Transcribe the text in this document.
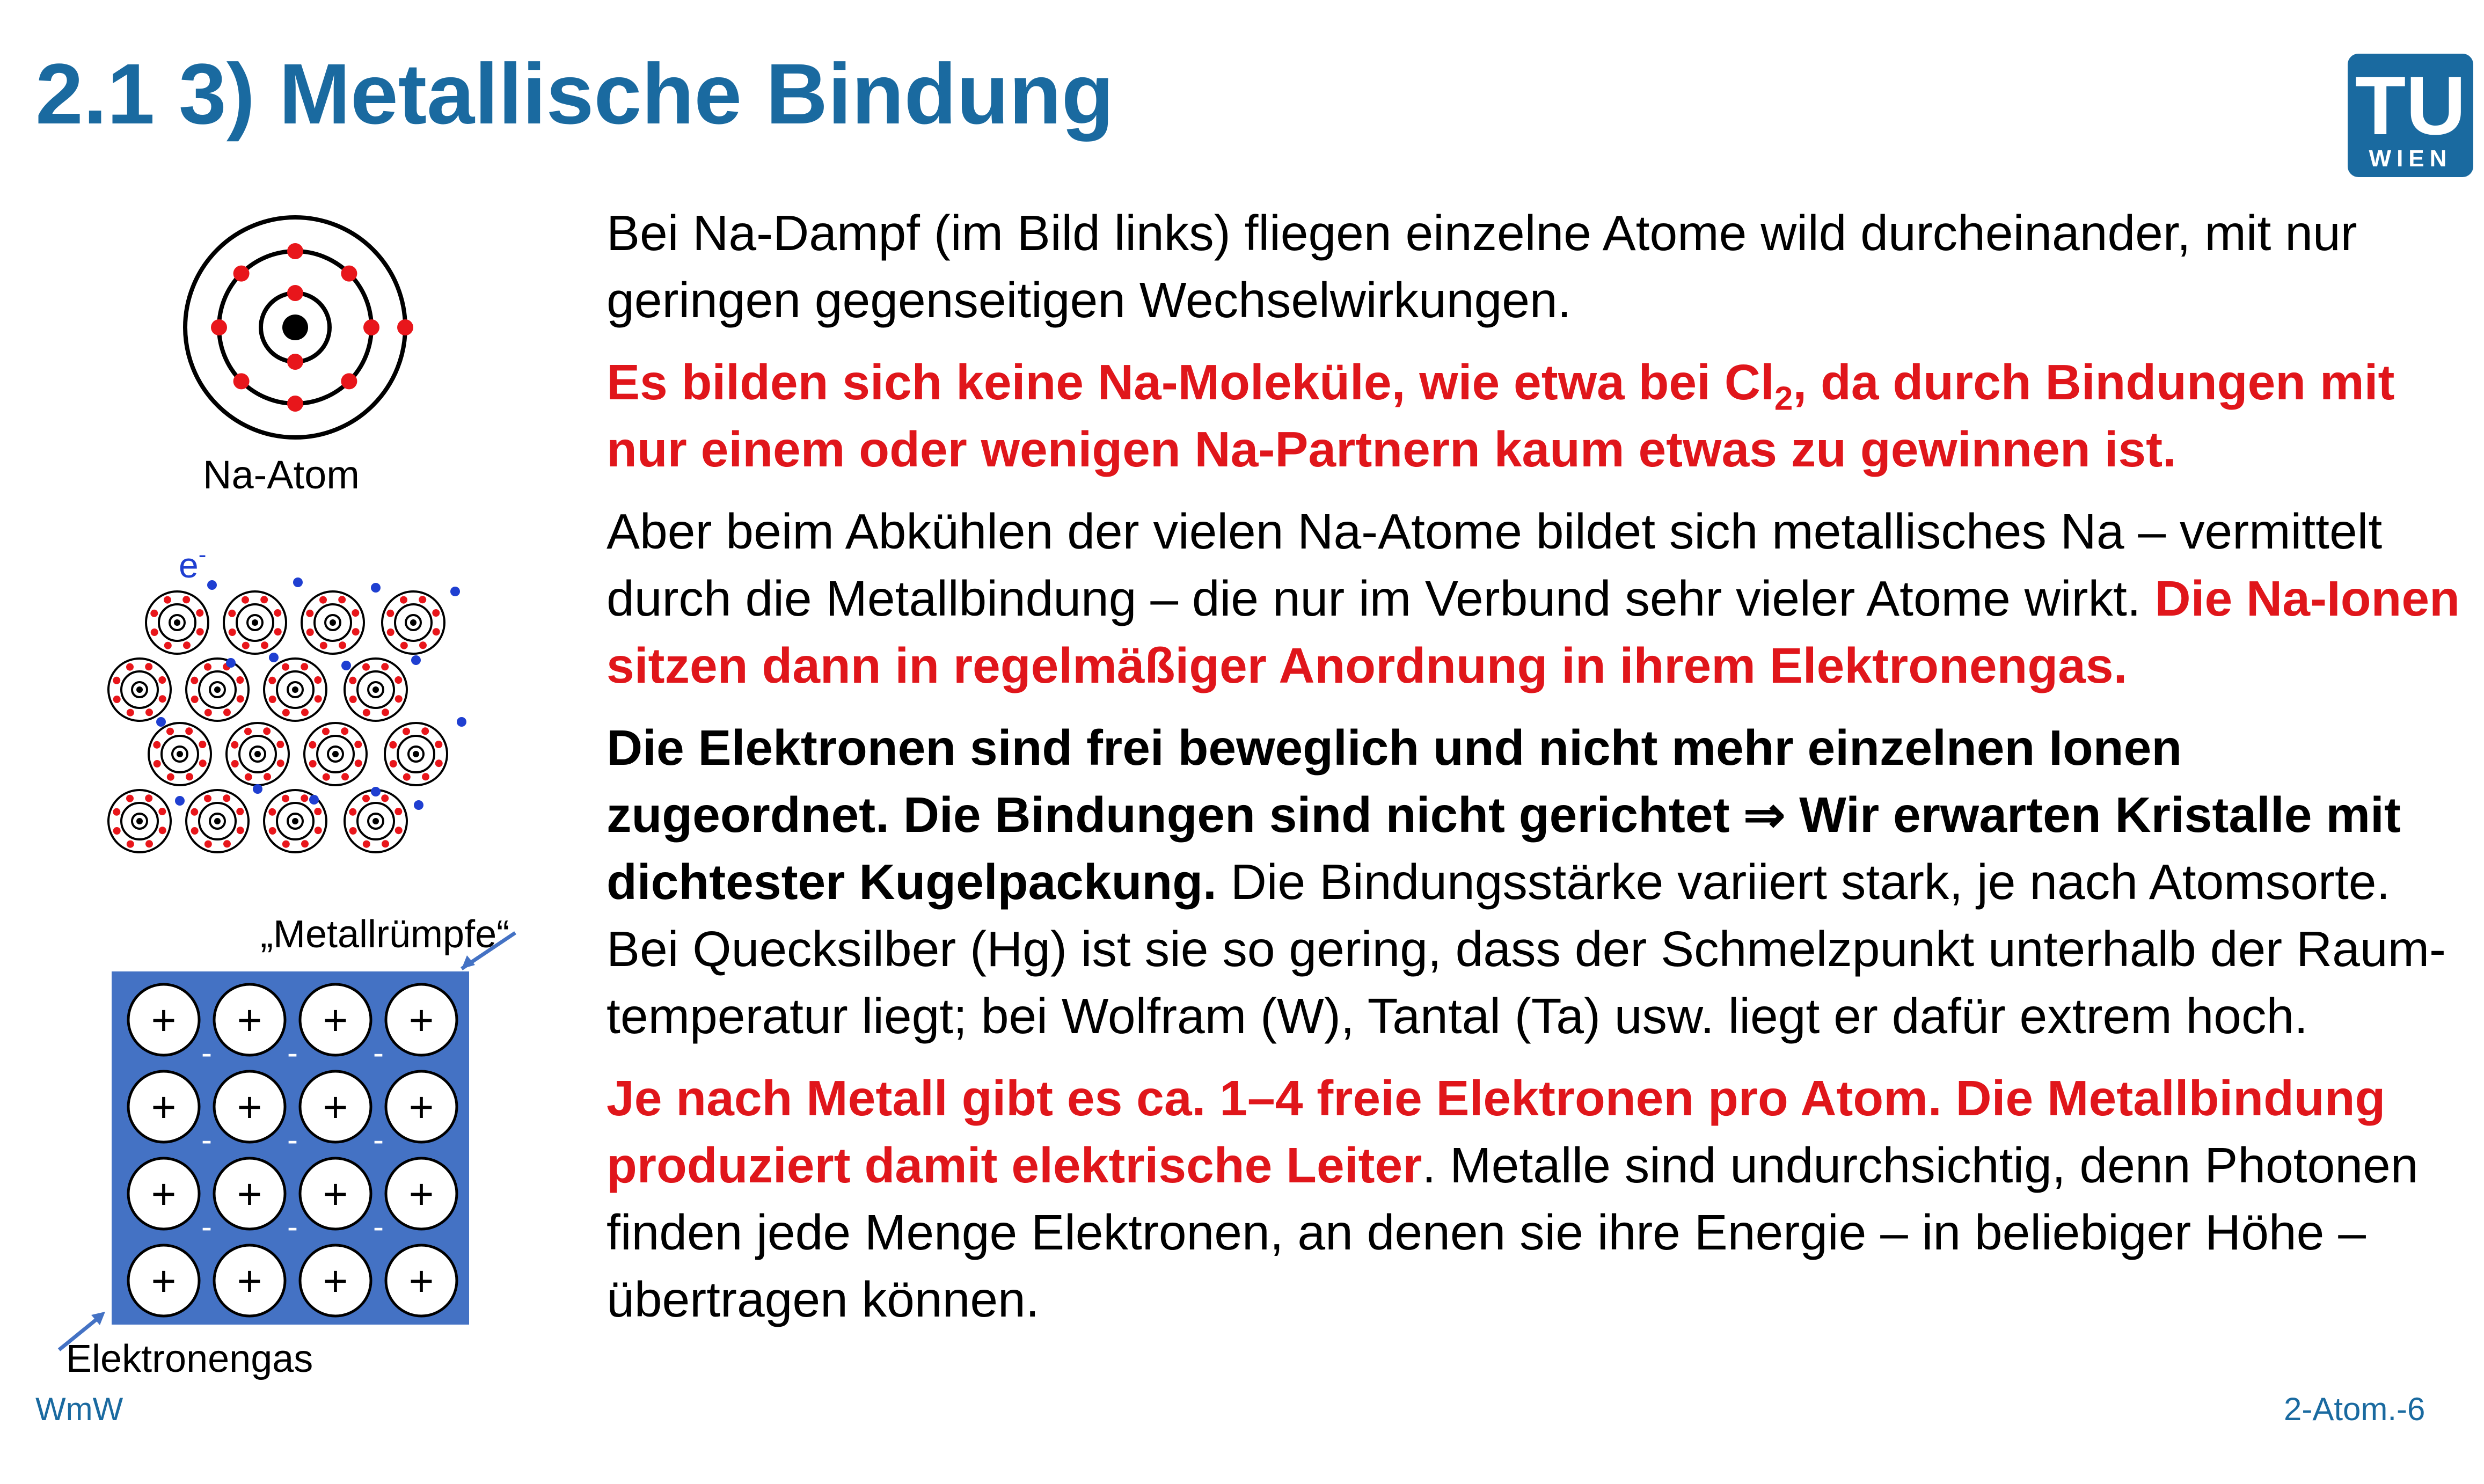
2.1 3) Metallische Bindung	TU
WIEN
Na-Atom
e-
+ + + +
+ + + +
+ + + +
+ + + +
- - -
- - -
- - -
„Metallrümpfe“
Elektronengas

Bei Na-Dampf (im Bild links) fliegen einzelne Atome wild durcheinander, mit nur geringen gegenseitigen Wechselwirkungen.

Es bilden sich keine Na-Moleküle, wie etwa bei $Cl_2$, da durch Bindungen mit nur einem oder wenigen Na-Partnern kaum etwas zu gewinnen ist.

Aber beim Abkühlen der vielen Na-Atome bildet sich metallisches Na – vermittelt durch die Metallbindung – die nur im Verbund sehr vieler Atome wirkt. Die Na-Ionen sitzen dann in regelmäßiger Anordnung in ihrem Elektronengas.

Die Elektronen sind frei beweglich und nicht mehr einzelnen Ionen zugeordnet. Die Bindungen sind nicht gerichtet ⇒ Wir erwarten Kristalle mit dichtester Kugelpackung. Die Bindungsstärke variiert stark, je nach Atomsorte. Bei Quecksilber (Hg) ist sie so gering, dass der Schmelzpunkt unterhalb der Raum-temperatur liegt; bei Wolfram (W), Tantal (Ta) usw. liegt er dafür extrem hoch.

Je nach Metall gibt es ca. 1–4 freie Elektronen pro Atom. Die Metallbindung produziert damit elektrische Leiter. Metalle sind undurchsichtig, denn Photonen finden jede Menge Elektronen, an denen sie ihre Energie – in beliebiger Höhe – übertragen können.

WmW	2-Atom.-6
